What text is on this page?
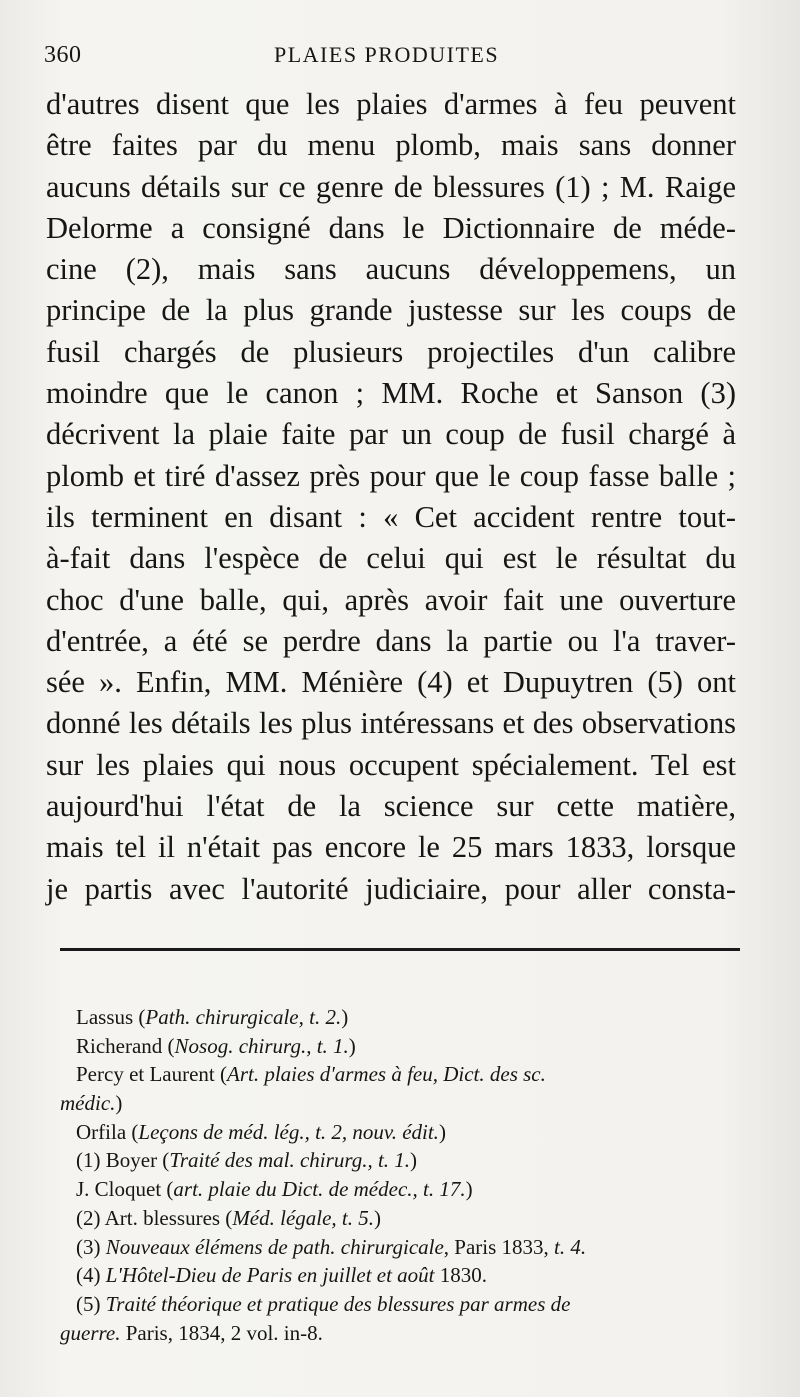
360	PLAIES PRODUITES
d'autres disent que les plaies d'armes à feu peuvent
être faites par du menu plomb, mais sans donner
aucuns détails sur ce genre de blessures (1) ; M. Raige
Delorme a consigné dans le Dictionnaire de méde-
cine (2), mais sans aucuns développemens, un
principe de la plus grande justesse sur les coups de
fusil chargés de plusieurs projectiles d'un calibre
moindre que le canon ; MM. Roche et Sanson (3)
décrivent la plaie faite par un coup de fusil chargé à
plomb et tiré d'assez près pour que le coup fasse balle ;
ils terminent en disant : « Cet accident rentre tout-
à-fait dans l'espèce de celui qui est le résultat du
choc d'une balle, qui, après avoir fait une ouverture
d'entrée, a été se perdre dans la partie ou l'a traver-
sée ». Enfin, MM. Ménière (4) et Dupuytren (5) ont
donné les détails les plus intéressans et des observations
sur les plaies qui nous occupent spécialement. Tel est
aujourd'hui l'état de la science sur cette matière,
mais tel il n'était pas encore le 25 mars 1833, lorsque
je partis avec l'autorité judiciaire, pour aller consta-
Lassus (Path. chirurgicale, t. 2.)
Richerand (Nosog. chirurg., t. 1.)
Percy et Laurent (Art. plaies d'armes à feu, Dict. des sc.
médic.)
Orfila (Leçons de méd. lég., t. 2, nouv. édit.)
(1) Boyer (Traité des mal. chirurg., t. 1.)
J. Cloquet (art. plaie du Dict. de médec., t. 17.)
(2) Art. blessures (Méd. légale, t. 5.)
(3) Nouveaux élémens de path. chirurgicale, Paris 1833, t. 4.
(4) L'Hôtel-Dieu de Paris en juillet et août 1830.
(5) Traité théorique et pratique des blessures par armes de
guerre. Paris, 1834, 2 vol. in-8.
